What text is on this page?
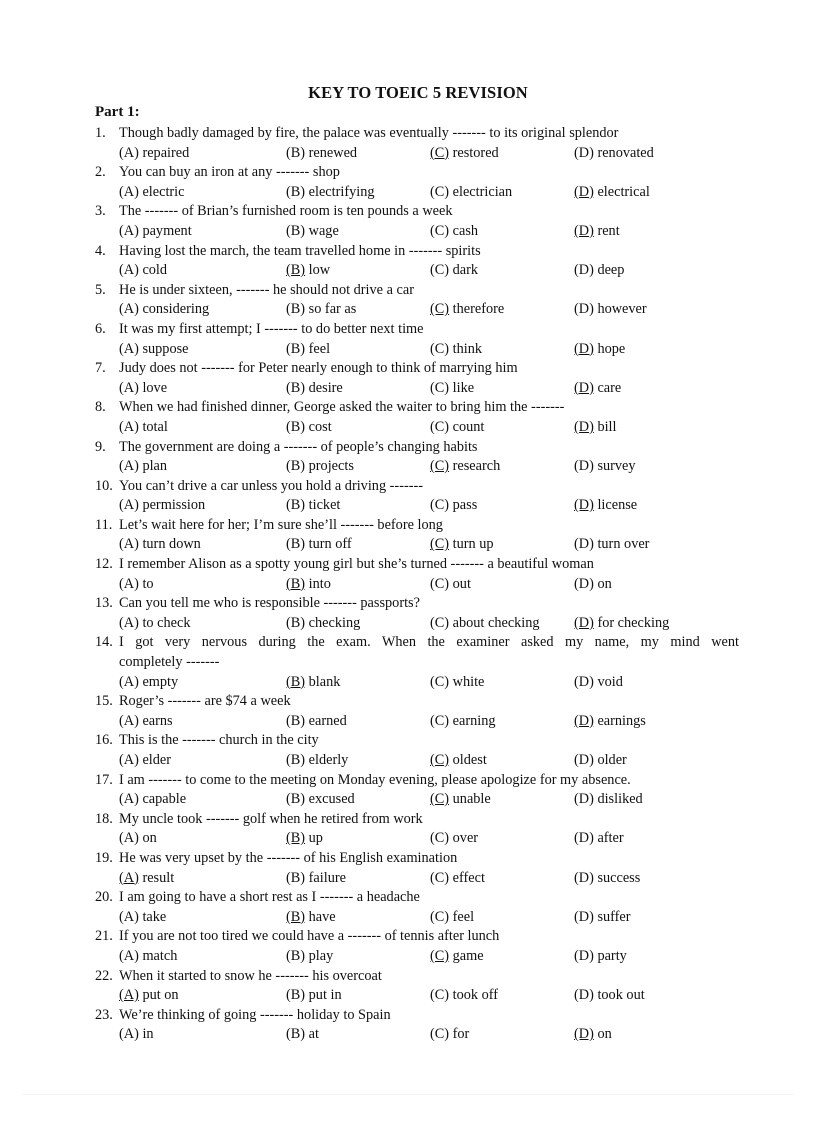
KEY TO TOEIC 5 REVISION
Part 1:
1. Though badly damaged by fire, the palace was eventually ------- to its original splendor
(A) repaired	(B) renewed	(C) restored	(D) renovated
2. You can buy an iron at any ------- shop
(A) electric	(B) electrifying	(C) electrician	(D) electrical
3. The ------- of Brian’s furnished room is ten pounds a week
(A) payment	(B) wage	(C) cash	(D) rent
4. Having lost the march, the team travelled home in ------- spirits
(A) cold	(B) low	(C) dark	(D) deep
5. He is under sixteen, ------- he should not drive a car
(A) considering	(B) so far as	(C) therefore	(D) however
6. It was my first attempt; I ------- to do better next time
(A) suppose	(B) feel	(C) think	(D) hope
7. Judy does not ------- for Peter nearly enough to think of marrying him
(A) love	(B) desire	(C) like	(D) care
8. When we had finished dinner, George asked the waiter to bring him the -------
(A) total	(B) cost	(C) count	(D) bill
9. The government are doing a ------- of people’s changing habits
(A) plan	(B) projects	(C) research	(D) survey
10. You can’t drive a car unless you hold a driving -------
(A) permission	(B) ticket	(C) pass	(D) license
11. Let’s wait here for her; I’m sure she’ll ------- before long
(A) turn down	(B) turn off	(C) turn up	(D) turn over
12. I remember Alison as a spotty young girl but she’s turned ------- a beautiful woman
(A) to	(B) into	(C) out	(D) on
13. Can you tell me who is responsible ------- passports?
(A) to check	(B) checking	(C) about checking (D) for checking
14. I got very nervous during the exam. When the examiner asked my name, my mind went
completely -------
(A) empty	(B) blank	(C) white	(D) void
15. Roger’s ------- are $74 a week
(A) earns	(B) earned	(C) earning	(D) earnings
16. This is the ------- church in the city
(A) elder	(B) elderly	(C) oldest	(D) older
17. I am ------- to come to the meeting on Monday evening, please apologize for my absence.
(A) capable	(B) excused	(C) unable	(D) disliked
18. My uncle took ------- golf when he retired from work
(A) on	(B) up	(C) over	(D) after
19. He was very upset by the ------- of his English examination
(A) result	(B) failure	(C) effect	(D) success
20. I am going to have a short rest as I ------- a headache
(A) take	(B) have	(C) feel	(D) suffer
21. If you are not too tired we could have a ------- of tennis after lunch
(A) match	(B) play	(C) game	(D) party
22. When it started to snow he ------- his overcoat
(A) put on	(B) put in	(C) took off	(D) took out
23. We’re thinking of going ------- holiday to Spain
(A) in	(B) at	(C) for	(D) on
